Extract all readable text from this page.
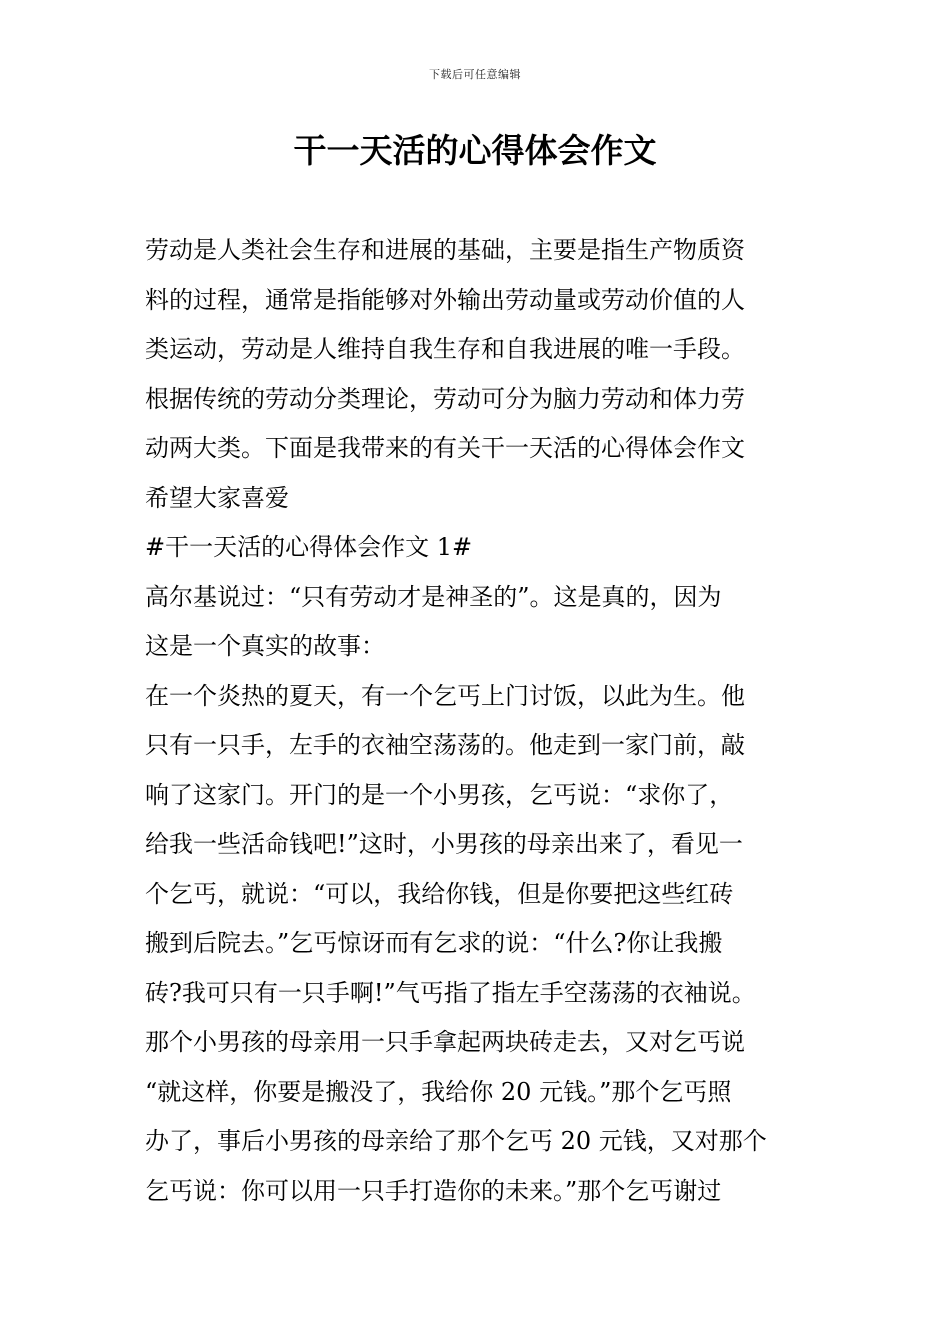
下载后可任意编辑
干一天活的心得体会作文
劳动是人类社会生存和进展的基础，主要是指生产物质资
料的过程，通常是指能够对外输出劳动量或劳动价值的人
类运动，劳动是人维持自我生存和自我进展的唯一手段。
根据传统的劳动分类理论，劳动可分为脑力劳动和体力劳
动两大类。下面是我带来的有关干一天活的心得体会作文
希望大家喜爱
#干一天活的心得体会作文 1#
高尔基说过：“只有劳动才是神圣的”。这是真的，因为
这是一个真实的故事：
在一个炎热的夏天，有一个乞丐上门讨饭，以此为生。他
只有一只手，左手的衣袖空荡荡的。他走到一家门前，敲
响了这家门。开门的是一个小男孩，乞丐说：“求你了，
给我一些活命钱吧!”这时，小男孩的母亲出来了，看见一
个乞丐，就说：“可以，我给你钱，但是你要把这些红砖
搬到后院去。”乞丐惊讶而有乞求的说：“什么?你让我搬
砖?我可只有一只手啊!”气丐指了指左手空荡荡的衣袖说。
那个小男孩的母亲用一只手拿起两块砖走去，又对乞丐说
“就这样，你要是搬没了，我给你 20 元钱。”那个乞丐照
办了，事后小男孩的母亲给了那个乞丐 20 元钱，又对那个
乞丐说：你可以用一只手打造你的未来。”那个乞丐谢过
